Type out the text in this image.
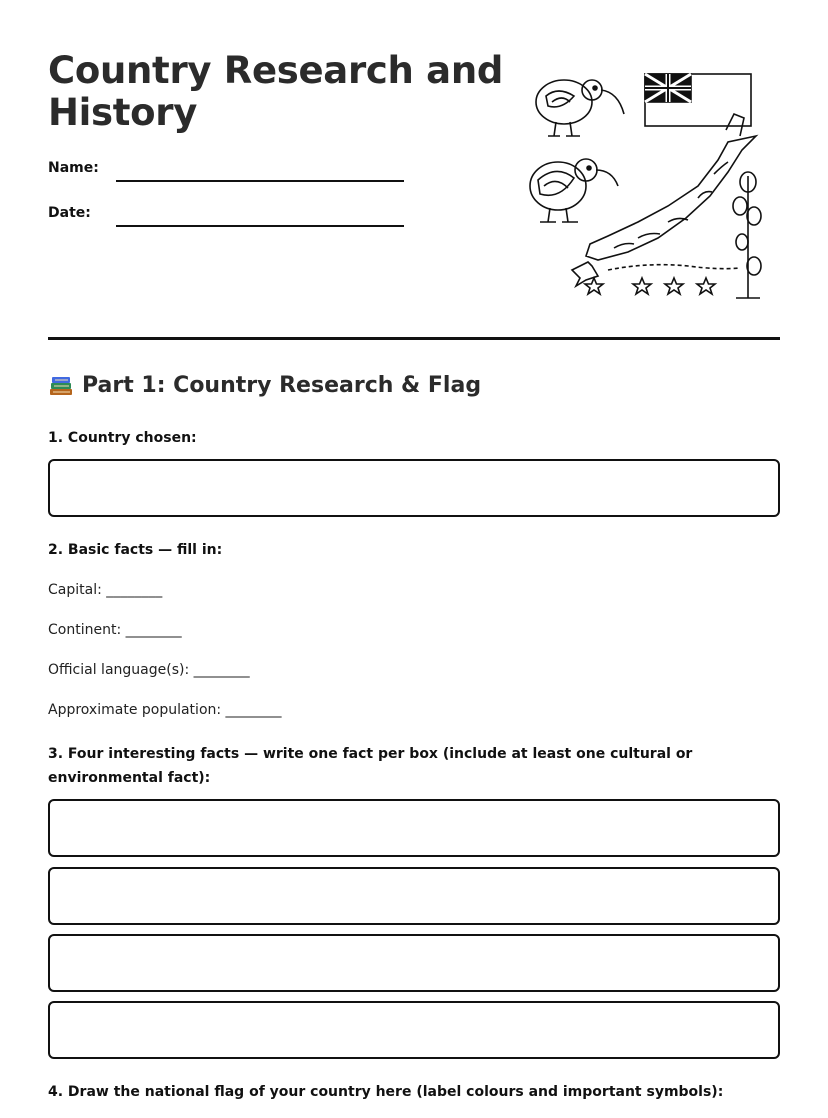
Country Research and History
Name:
Date:
Part 1: Country Research & Flag
1. Country chosen:
2. Basic facts — fill in:
Capital: ________
Continent: ________
Official language(s): ________
Approximate population: ________
3. Four interesting facts — write one fact per box (include at least one cultural or environmental fact):
4. Draw the national flag of your country here (label colours and important symbols):
